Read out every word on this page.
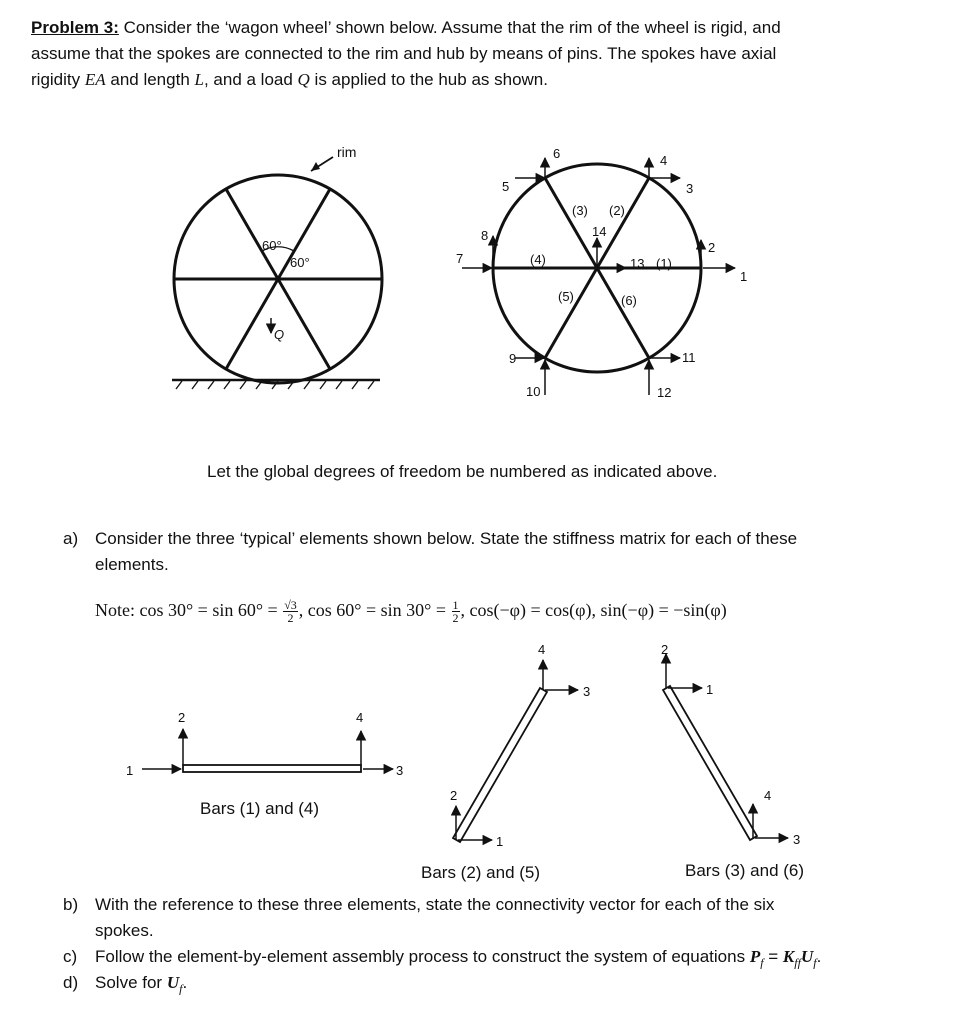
Problem 3: Consider the ‘wagon wheel’ shown below. Assume that the rim of the wheel is rigid, and
assume that the spokes are connected to the rim and hub by means of pins. The spokes have axial
rigidity EA and length L, and a load Q is applied to the hub as shown.
60°
60°
Q
rim
1
2
3
4
5
6
7
8
9
10
11
12
13
14
(1)
(2)
(3)
(4)
(5)	(6)
1
2
3
4
1
2
3
4
1
2
3
4
Let the global degrees of freedom be numbered as indicated above.
a) Consider the three ‘typical’ elements shown below. State the stiffness matrix for each of these
elements.
Note: $\cos 30^\circ = \sin 60^\circ = \frac{√3}{2}$ , $\cos 60^\circ = \sin 30^\circ = \frac{1}{2}$ , cos(−φ) = cos(φ), sin(−φ) = −sin(φ)
Bars (1) and (4)
Bars (2) and (5)	Bars (3) and (6)
b) With the reference to these three elements, state the connectivity vector for each of the six
spokes.
c) Follow the element-by-element assembly process to construct the system of equations $P_f = K_{ff}U_f$.
d) Solve for $U_f$.
